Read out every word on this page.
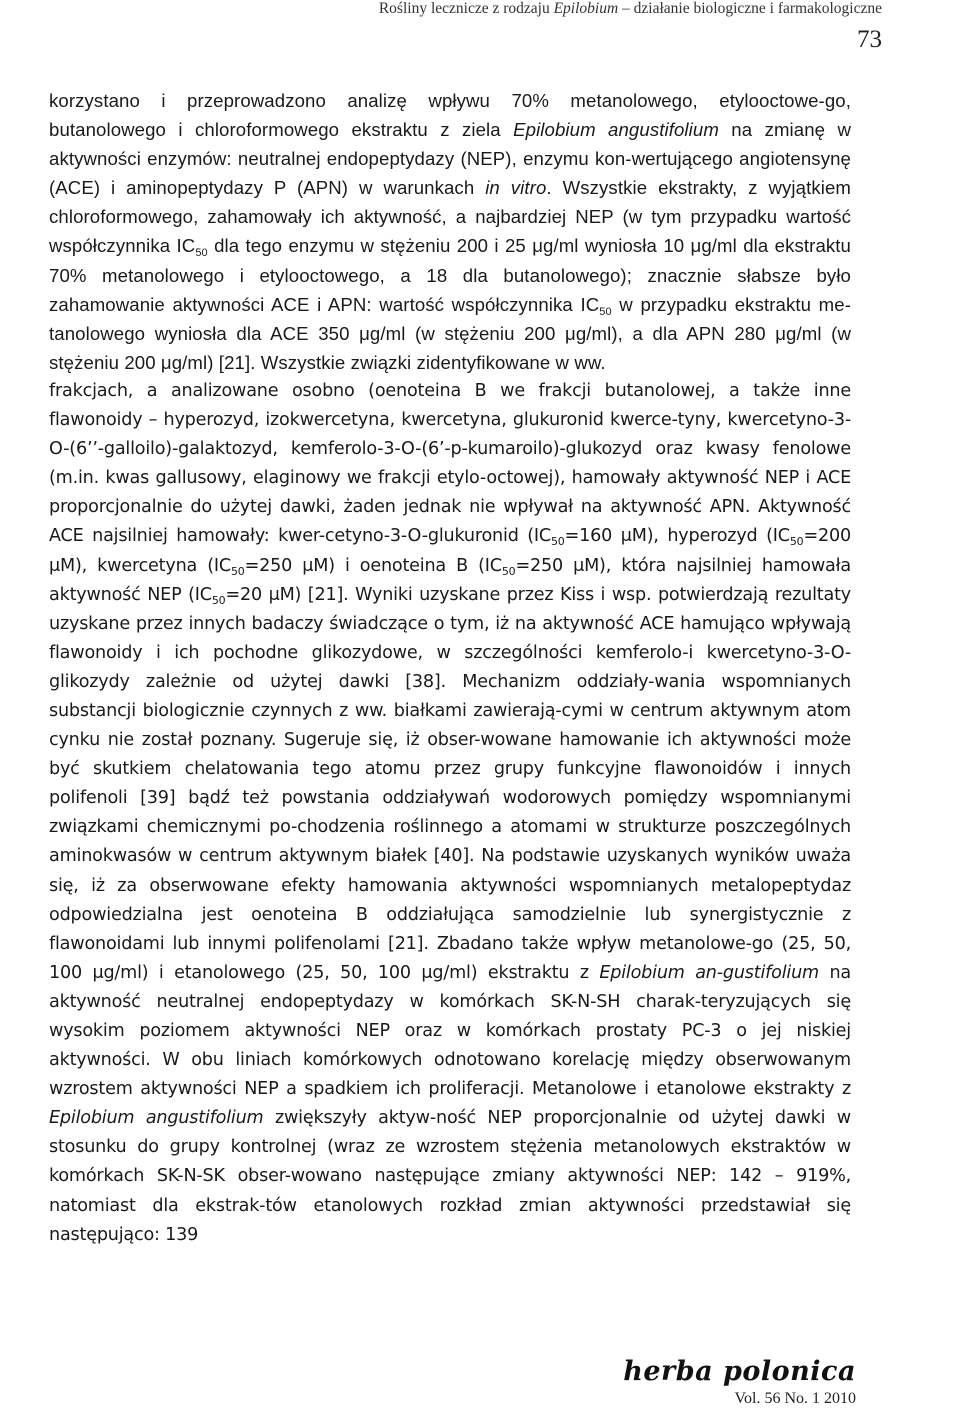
Rośliny lecznicze z rodzaju Epilobium – działanie biologiczne i farmakologiczne
73

korzystano i przeprowadzono analizę wpływu 70% metanolowego, etylooctowe-go, butanolowego i chloroformowego ekstraktu z ziela Epilobium angustifolium na zmianę w aktywności enzymów: neutralnej endopeptydazy (NEP), enzymu kon-wertującego angiotensynę (ACE) i aminopeptydazy P (APN) w warunkach in vitro. Wszystkie ekstrakty, z wyjątkiem chloroformowego, zahamowały ich aktywność, a najbardziej NEP (w tym przypadku wartość współczynnika $IC_{50}$ dla tego enzymu w stężeniu 200 i 25 μg/ml wyniosła 10 μg/ml dla ekstraktu 70% metanolowego i etylooctowego, a 18 dla butanolowego); znacznie słabsze było zahamowanie aktywności ACE i APN: wartość współczynnika $IC_{50}$ w przypadku ekstraktu me-tanolowego wyniosła dla ACE 350 μg/ml (w stężeniu 200 μg/ml), a dla APN 280 μg/ml (w stężeniu 200 μg/ml) [21]. Wszystkie związki zidentyfikowane w ww.

frakcjach, a analizowane osobno (oenoteina B we frakcji butanolowej, a także inne flawonoidy – hyperozyd, izokwercetyna, kwercetyna, glukuronid kwerce-tyny, kwercetyno-3-O-(6’’-galloilo)-galaktozyd, kemferolo-3-O-(6’-p-kumaroilo)-glukozyd oraz kwasy fenolowe (m.in. kwas gallusowy, elaginowy we frakcji etylo-octowej), hamowały aktywność NEP i ACE proporcjonalnie do użytej dawki, żaden jednak nie wpływał na aktywność APN. Aktywność ACE najsilniej hamowały: kwer-cetyno-3-O-glukuronid ($IC_{50}=160$ μM), hyperozyd ($IC_{50}=200$ μM), kwercetyna ($IC_{50}=250$ μM) i oenoteina B ($IC_{50}=250$ μM), która najsilniej hamowała aktywność NEP ($IC_{50}=20$ μM) [21]. Wyniki uzyskane przez Kiss i wsp. potwierdzają rezultaty uzyskane przez innych badaczy świadczące o tym, iż na aktywność ACE hamująco wpływają flawonoidy i ich pochodne glikozydowe, w szczególności kemferolo-i kwercetyno-3-O-glikozydy zależnie od użytej dawki [38]. Mechanizm oddziały-wania wspomnianych substancji biologicznie czynnych z ww. białkami zawierają-cymi w centrum aktywnym atom cynku nie został poznany. Sugeruje się, iż obser-wowane hamowanie ich aktywności może być skutkiem chelatowania tego atomu przez grupy funkcyjne flawonoidów i innych polifenoli [39] bądź też powstania oddziaływań wodorowych pomiędzy wspomnianymi związkami chemicznymi po-chodzenia roślinnego a atomami w strukturze poszczególnych aminokwasów w centrum aktywnym białek [40]. Na podstawie uzyskanych wyników uważa się, iż za obserwowane efekty hamowania aktywności wspomnianych metalopeptydaz odpowiedzialna jest oenoteina B oddziałująca samodzielnie lub synergistycznie z flawonoidami lub innymi polifenolami [21]. Zbadano także wpływ metanolowe-go (25, 50, 100 μg/ml) i etanolowego (25, 50, 100 μg/ml) ekstraktu z Epilobium an-gustifolium na aktywność neutralnej endopeptydazy w komórkach SK-N-SH charak-teryzujących się wysokim poziomem aktywności NEP oraz w komórkach prostaty PC-3 o jej niskiej aktywności. W obu liniach komórkowych odnotowano korelację między obserwowanym wzrostem aktywności NEP a spadkiem ich proliferacji. Metanolowe i etanolowe ekstrakty z Epilobium angustifolium zwiększyły aktyw-ność NEP proporcjonalnie od użytej dawki w stosunku do grupy kontrolnej (wraz ze wzrostem stężenia metanolowych ekstraktów w komórkach SK-N-SK obser-wowano następujące zmiany aktywności NEP: 142 – 919%, natomiast dla ekstrak-tów etanolowych rozkład zmian aktywności przedstawiał się następująco: 139

herba polonica
Vol. 56 No. 1 2010
